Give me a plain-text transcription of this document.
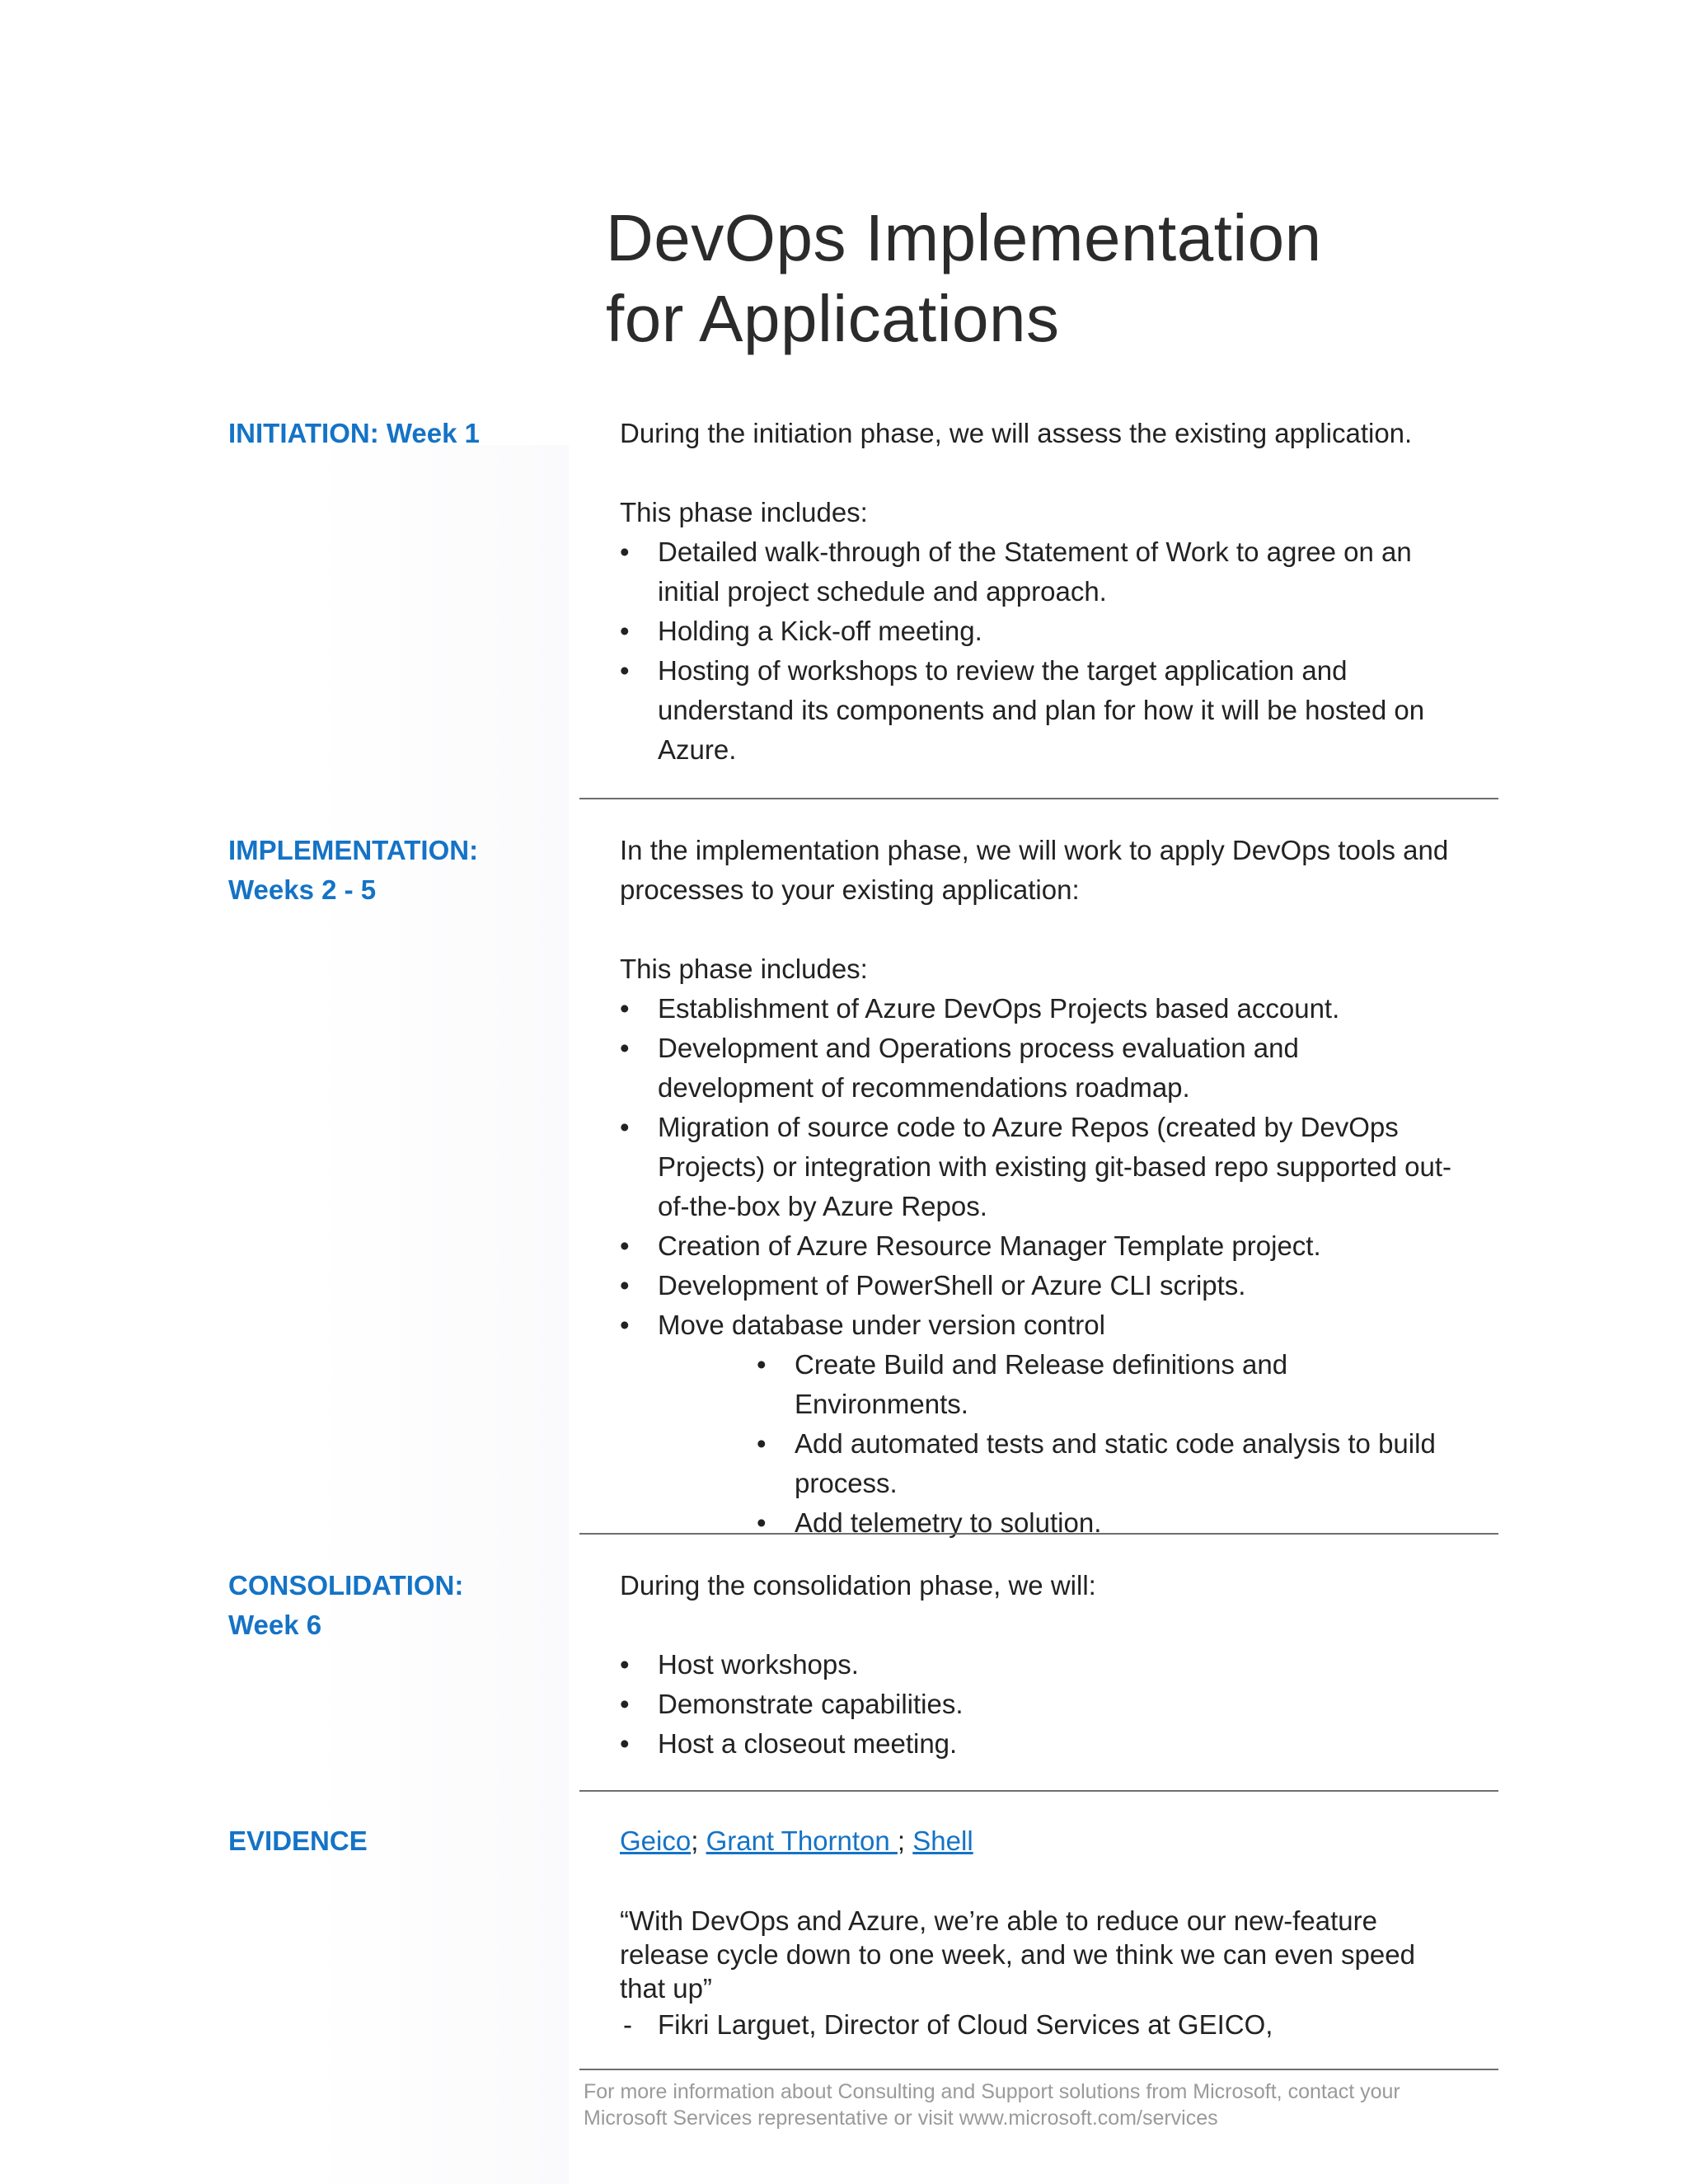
DevOps Implementation
for Applications
INITIATION: Week 1	During the initiation phase, we will assess the existing application.

This phase includes:

• Detailed walk-through of the Statement of Work to agree on an initial project schedule and approach.
• Holding a Kick-off meeting.
• Hosting of workshops to review the target application and understand its components and plan for how it will be hosted on Azure.
IMPLEMENTATION:
Weeks 2 - 5

In the implementation phase, we will work to apply DevOps tools and processes to your existing application:

This phase includes:

• Establishment of Azure DevOps Projects based account.
• Development and Operations process evaluation and development of recommendations roadmap.
• Migration of source code to Azure Repos (created by DevOps Projects) or integration with existing git-based repo supported out-of-the-box by Azure Repos.
• Creation of Azure Resource Manager Template project.
• Development of PowerShell or Azure CLI scripts.
• Move database under version control
• Create Build and Release definitions and Environments.
• Add automated tests and static code analysis to build process.
• Add telemetry to solution.
CONSOLIDATION:
Week 6

During the consolidation phase, we will:

• Host workshops.
• Demonstrate capabilities.
• Host a closeout meeting.
EVIDENCE	Geico; Grant Thornton ; Shell

“With DevOps and Azure, we’re able to reduce our new-feature release cycle down to one week, and we think we can even speed that up”

- Fikri Larguet, Director of Cloud Services at GEICO,

For more information about Consulting and Support solutions from Microsoft, contact your
Microsoft Services representative or visit www.microsoft.com/services
